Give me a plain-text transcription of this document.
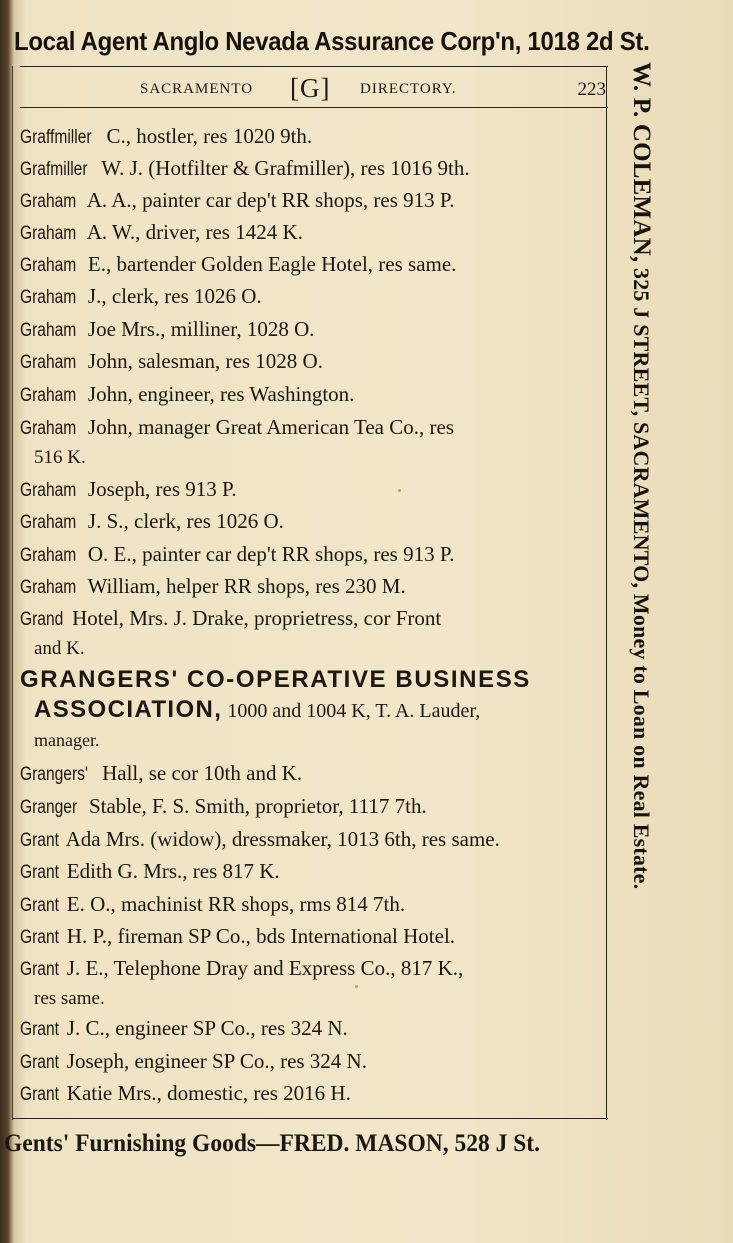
Local Agent Anglo Nevada Assurance Corp'n, 1018 2d St.
SACRAMENTO [G] DIRECTORY.	223 W. P. COLEMAN, 325 J STREET, SACRAMENTO, Money to Loan on Real Estate.
Graffmiller C., hostler, res 1020 9th.
Grafmiller W. J. (Hotfilter & Grafmiller), res 1016 9th.
Graham A. A., painter car dep't RR shops, res 913 P.
Graham A. W., driver, res 1424 K.
Graham E., bartender Golden Eagle Hotel, res same.
Graham J., clerk, res 1026 O.
Graham Joe Mrs., milliner, 1028 O.
Graham John, salesman, res 1028 O.
Graham John, engineer, res Washington.
Graham John, manager Great American Tea Co., res
516 K.
Graham Joseph, res 913 P.
Graham J. S., clerk, res 1026 O.
Graham O. E., painter car dep't RR shops, res 913 P.
Graham William, helper RR shops, res 230 M.
Grand Hotel, Mrs. J. Drake, proprietress, cor Front
and K.
GRANGERS' CO-OPERATIVE BUSINESS
ASSOCIATION, 1000 and 1004 K, T. A. Lauder,
manager.
Grangers' Hall, se cor 10th and K.
Granger Stable, F. S. Smith, proprietor, 1117 7th.
Grant Ada Mrs. (widow), dressmaker, 1013 6th, res same.
Grant Edith G. Mrs., res 817 K.
Grant E. O., machinist RR shops, rms 814 7th.
Grant H. P., fireman SP Co., bds International Hotel.
Grant J. E., Telephone Dray and Express Co., 817 K.,
res same.
Grant J. C., engineer SP Co., res 324 N.
Grant Joseph, engineer SP Co., res 324 N.
Grant Katie Mrs., domestic, res 2016 H.
Gents' Furnishing Goods—FRED. MASON, 528 J St.
